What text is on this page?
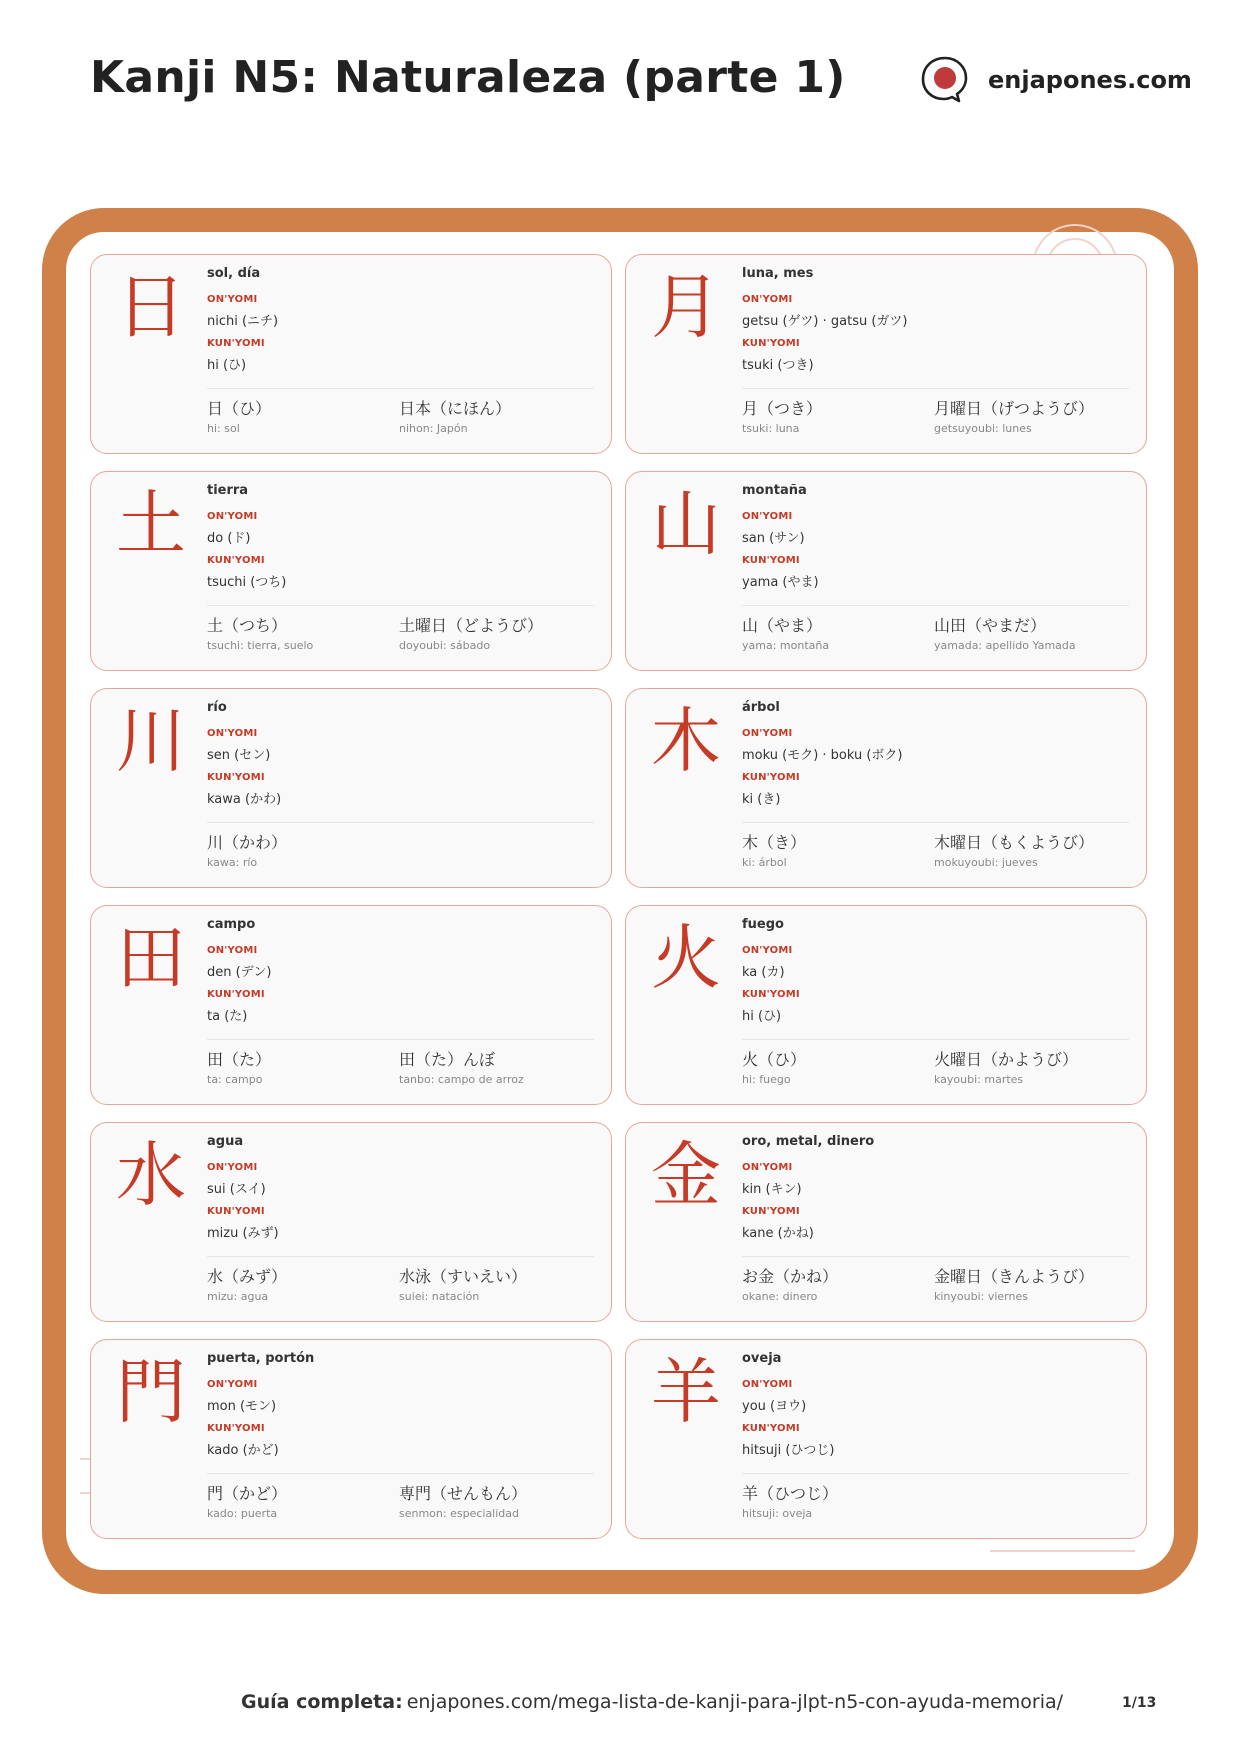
Kanji N5: Naturaleza (parte 1)	enjapones.com
日	sol, día
ON'YOMI
nichi (ニチ)
KUN'YOMI
hi (ひ)
日（ひ）
hi: sol
日本（にほん）
nihon: Japón
月	luna, mes
ON'YOMI
getsu (ゲツ) · gatsu (ガツ)
KUN'YOMI
tsuki (つき)
月（つき）
tsuki: luna
月曜日（げつようび）
getsuyoubi: lunes
土	tierra
ON'YOMI
do (ド)
KUN'YOMI
tsuchi (つち)
土（つち）
tsuchi: tierra, suelo
土曜日（どようび）
doyoubi: sábado
山	montaña
ON'YOMI
san (サン)
KUN'YOMI
yama (やま)
山（やま）
yama: montaña
山田（やまだ）
yamada: apellido Yamada
川	río
ON'YOMI
sen (セン)
KUN'YOMI
kawa (かわ)
川（かわ）
kawa: río
木	árbol
ON'YOMI
moku (モク) · boku (ボク)
KUN'YOMI
ki (き)
木（き）
ki: árbol
木曜日（もくようび）
mokuyoubi: jueves
田	campo
ON'YOMI
den (デン)
KUN'YOMI
ta (た)
田（た）
ta: campo
田（た）んぼ
tanbo: campo de arroz
火	fuego
ON'YOMI
ka (カ)
KUN'YOMI
hi (ひ)
火（ひ）
hi: fuego
火曜日（かようび）
kayoubi: martes
水	agua
ON'YOMI
sui (スイ)
KUN'YOMI
mizu (みず)
水（みず）
mizu: agua
水泳（すいえい）
suiei: natación
金	oro, metal, dinero
ON'YOMI
kin (キン)
KUN'YOMI
kane (かね)
お金（かね）
okane: dinero
金曜日（きんようび）
kinyoubi: viernes
門	puerta, portón
ON'YOMI
mon (モン)
KUN'YOMI
kado (かど)
門（かど）
kado: puerta
専門（せんもん）
senmon: especialidad
羊	oveja
ON'YOMI
you (ヨウ)
KUN'YOMI
hitsuji (ひつじ)
羊（ひつじ）
hitsuji: oveja
Guía completa: enjapones.com/mega-lista-de-kanji-para-jlpt-n5-con-ayuda-memoria/	1/13
